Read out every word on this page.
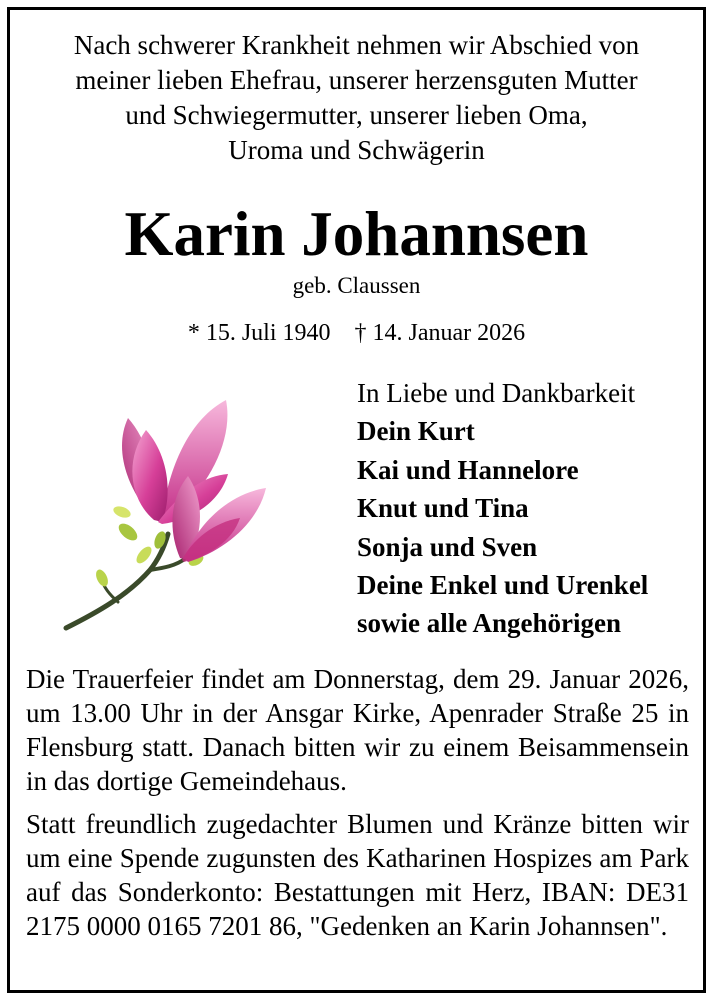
Nach schwerer Krankheit nehmen wir Abschied von
meiner lieben Ehefrau, unserer herzensguten Mutter
und Schwiegermutter, unserer lieben Oma,
Uroma und Schwägerin
Karin Johannsen
geb. Claussen
* 15. Juli 1940    † 14. Januar 2026
In Liebe und Dankbarkeit
Dein Kurt
Kai und Hannelore
Knut und Tina
Sonja und Sven
Deine Enkel und Urenkel
sowie alle Angehörigen
Die Trauerfeier findet am Donnerstag, dem 29. Januar 2026, um 13.00 Uhr in der Ansgar Kirke, Apenrader Straße 25 in Flensburg statt. Danach bitten wir zu einem Beisammensein in das dortige Gemeindehaus.
Statt freundlich zugedachter Blumen und Kränze bitten wir um eine Spende zugunsten des Katharinen Hospizes am Park auf das Sonderkonto: Bestattungen mit Herz, IBAN: DE31 2175 0000 0165 7201 86, "Gedenken an Karin Johannsen".
